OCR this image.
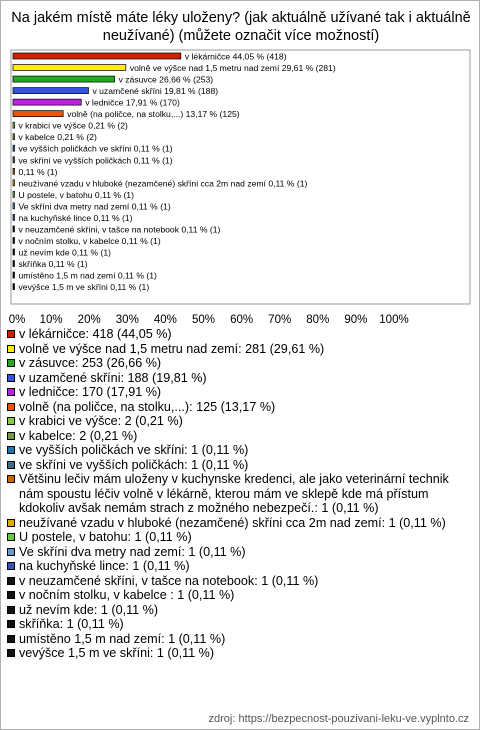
Na jakém místě máte léky uloženy? (jak aktuálně užívané tak i aktuálně neužívané) (můžete označit více možností)
v lékárničce 44,05 % (418)
volně ve výšce nad 1,5 metru nad zemí 29,61 % (281)
v zásuvce 26,66 % (253)
v uzamčené skříni 19,81 % (188)
v ledničce 17,91 % (170)
volně (na poličce, na stolku,...) 13,17 % (125)
v krabici ve výšce 0,21 % (2)
v kabelce 0,21 % (2)
ve vyšších poličkách ve skříni 0,11 % (1)
ve skříni ve vyšších poličkách 0,11 % (1)
0,11 % (1)
neužívané vzadu v hluboké (nezamčené) skříni cca 2m nad zemí 0,11 % (1)
U postele, v batohu 0,11 % (1)
Ve skříni dva metry nad zemí 0,11 % (1)
na kuchyňské lince 0,11 % (1)
v neuzamčené skříni, v tašce na notebook 0,11 % (1)
v nočním stolku, v kabelce 0,11 % (1)
už nevím kde 0,11 % (1)
skříňka 0,11 % (1)
umístěno 1,5 m nad zemí 0,11 % (1)
vevýšce 1,5 m ve skříni 0,11 % (1)
0% 10% 20% 30% 40% 50% 60% 70% 80% 90% 100%
v lékárničce: 418 (44,05 %)
volně ve výšce nad 1,5 metru nad zemí: 281 (29,61 %)
v zásuvce: 253 (26,66 %)
v uzamčené skříni: 188 (19,81 %)
v ledničce: 170 (17,91 %)
volně (na poličce, na stolku,...): 125 (13,17 %)
v krabici ve výšce: 2 (0,21 %)
v kabelce: 2 (0,21 %)
ve vyšších poličkách ve skříni: 1 (0,11 %)
ve skříni ve vyšších poličkách: 1 (0,11 %)
Většinu lečiv mám uloženy v kuchynske kredenci, ale jako veterinární technik nám spoustu léčiv volně v lékárně, kterou mám ve sklepě kde má přístum kdokoliv avšak nemám strach z možného nebezpečí.: 1 (0,11 %)
neužívané vzadu v hluboké (nezamčené) skříni cca 2m nad zemí: 1 (0,11 %)
U postele, v batohu: 1 (0,11 %)
Ve skříni dva metry nad zemí: 1 (0,11 %)
na kuchyňské lince: 1 (0,11 %)
v neuzamčené skříni, v tašce na notebook: 1 (0,11 %)
v nočním stolku, v kabelce : 1 (0,11 %)
už nevím kde: 1 (0,11 %)
skříňka: 1 (0,11 %)
umístěno 1,5 m nad zemí: 1 (0,11 %)
vevýšce 1,5 m ve skříni: 1 (0,11 %)
zdroj: https://bezpecnost-pouzivani-leku-ve.vyplnto.cz
